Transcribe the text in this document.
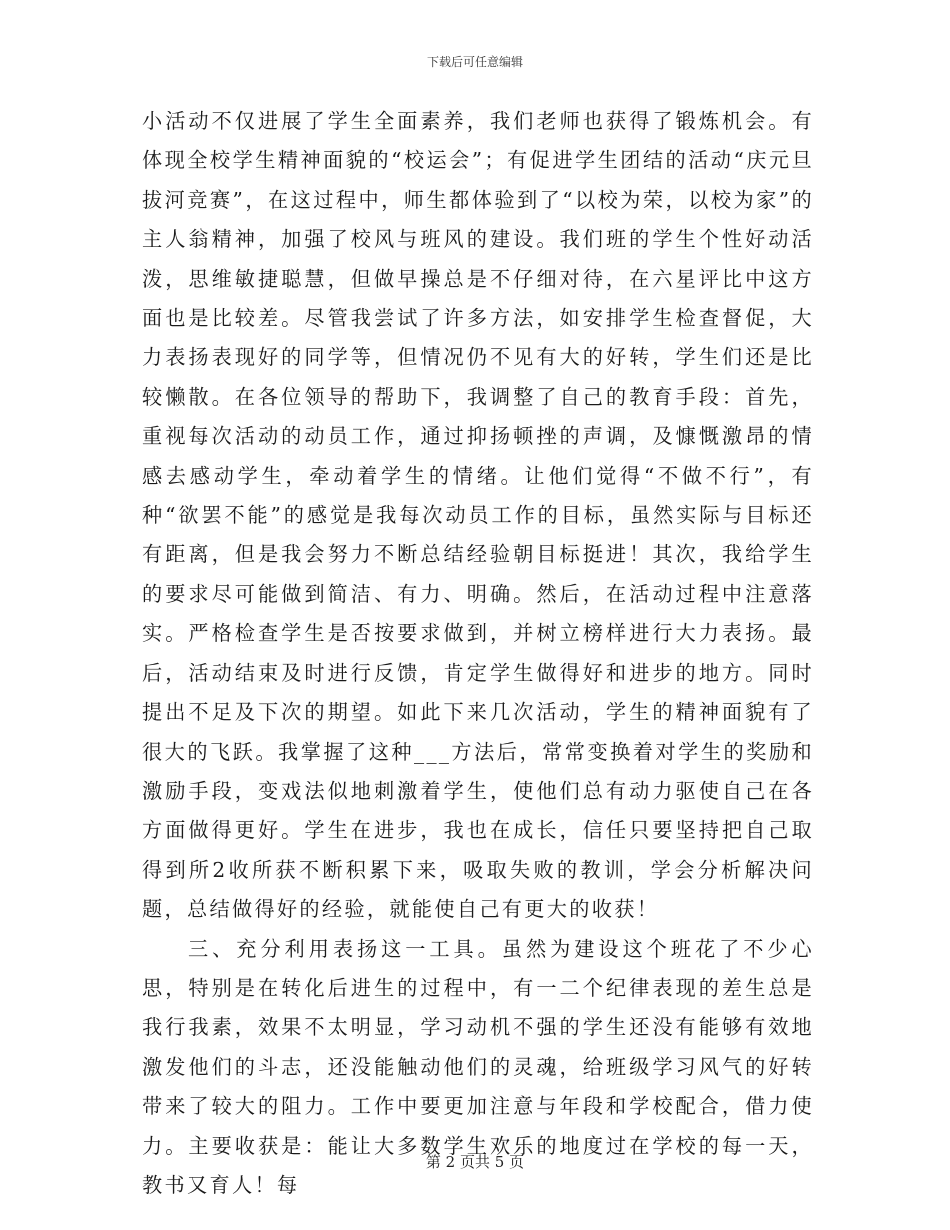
下载后可任意编辑

小活动不仅进展了学生全面素养，我们老师也获得了锻炼机会。有体现全校学生精神面貌的“校运会”；有促进学生团结的活动“庆元旦拔河竞赛”，在这过程中，师生都体验到了“以校为荣，以校为家”的主人翁精神，加强了校风与班风的建设。我们班的学生个性好动活泼，思维敏捷聪慧，但做早操总是不仔细对待，在六星评比中这方面也是比较差。尽管我尝试了许多方法，如安排学生检查督促，大力表扬表现好的同学等，但情况仍不见有大的好转，学生们还是比较懒散。在各位领导的帮助下，我调整了自己的教育手段：首先，重视每次活动的动员工作，通过抑扬顿挫的声调，及慷慨激昂的情感去感动学生，牵动着学生的情绪。让他们觉得“不做不行”，有种“欲罢不能”的感觉是我每次动员工作的目标，虽然实际与目标还有距离，但是我会努力不断总结经验朝目标挺进！其次，我给学生的要求尽可能做到简洁、有力、明确。然后，在活动过程中注意落实。严格检查学生是否按要求做到，并树立榜样进行大力表扬。最后，活动结束及时进行反馈，肯定学生做得好和进步的地方。同时提出不足及下次的期望。如此下来几次活动，学生的精神面貌有了很大的飞跃。我掌握了这种___方法后，常常变换着对学生的奖励和激励手段，变戏法似地刺激着学生，使他们总有动力驱使自己在各方面做得更好。学生在进步，我也在成长，信任只要坚持把自己取得到所2收所获不断积累下来，吸取失败的教训，学会分析解决问题，总结做得好的经验，就能使自己有更大的收获！

三、充分利用表扬这一工具。虽然为建设这个班花了不少心思，特别是在转化后进生的过程中，有一二个纪律表现的差生总是我行我素，效果不太明显，学习动机不强的学生还没有能够有效地激发他们的斗志，还没能触动他们的灵魂，给班级学习风气的好转带来了较大的阻力。工作中要更加注意与年段和学校配合，借力使力。主要收获是：能让大多数学生欢乐的地度过在学校的每一天，教书又育人！每

第 2 页共 5 页
